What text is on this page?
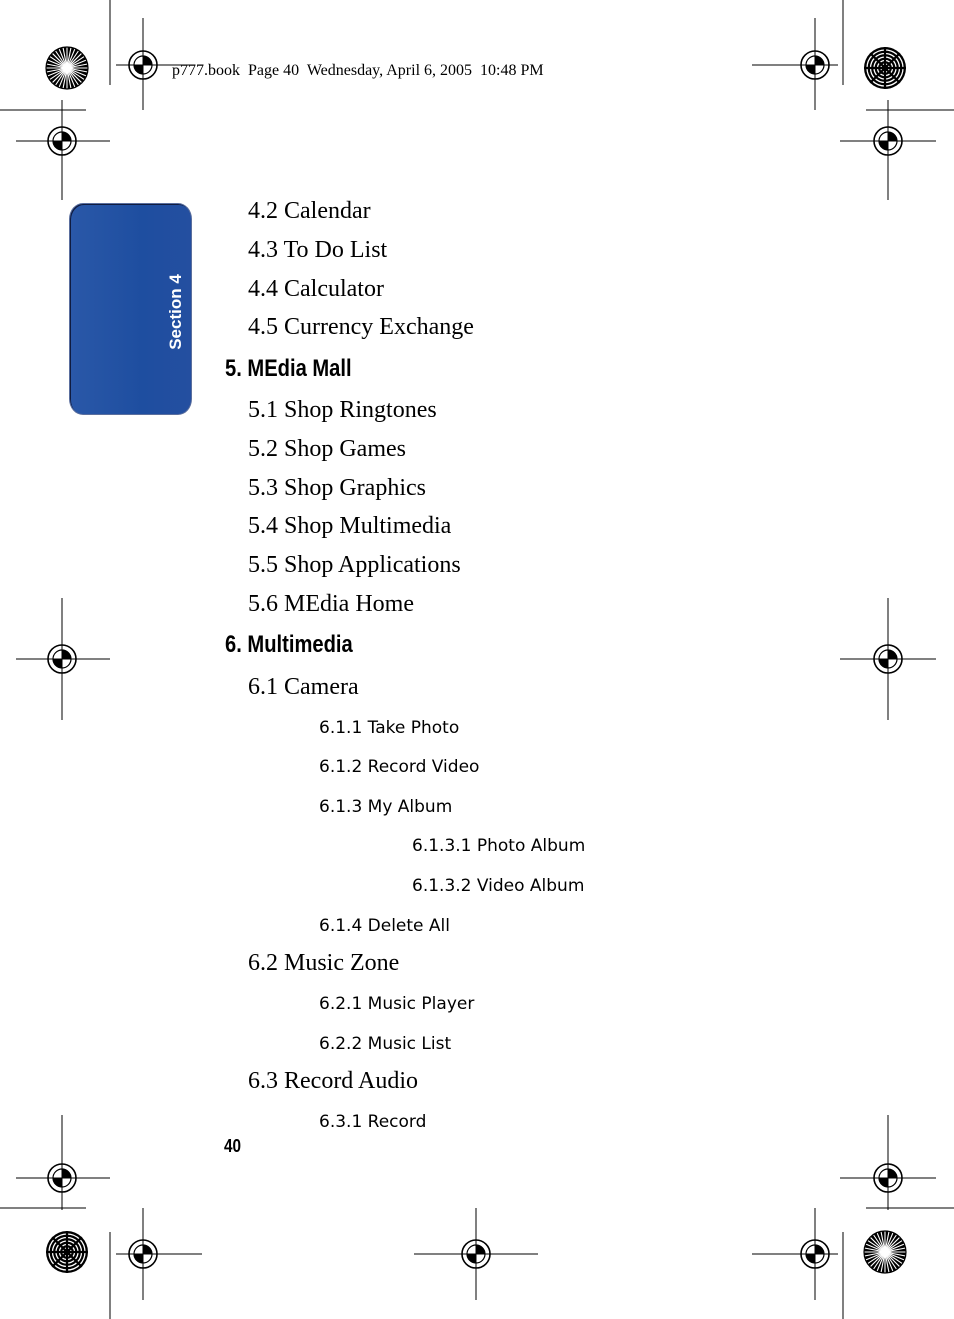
p777.book  Page 40  Wednesday, April 6, 2005  10:48 PM
Section 4
4.2 Calendar
4.3 To Do List
4.4 Calculator
4.5 Currency Exchange
5. MEdia Mall
5.1 Shop Ringtones
5.2 Shop Games
5.3 Shop Graphics
5.4 Shop Multimedia
5.5 Shop Applications
5.6 MEdia Home
6. Multimedia
6.1 Camera
6.1.1 Take Photo
6.1.2 Record Video
6.1.3 My Album
6.1.3.1 Photo Album
6.1.3.2 Video Album
6.1.4 Delete All
6.2 Music Zone
6.2.1 Music Player
6.2.2 Music List
6.3 Record Audio
6.3.1 Record
40
